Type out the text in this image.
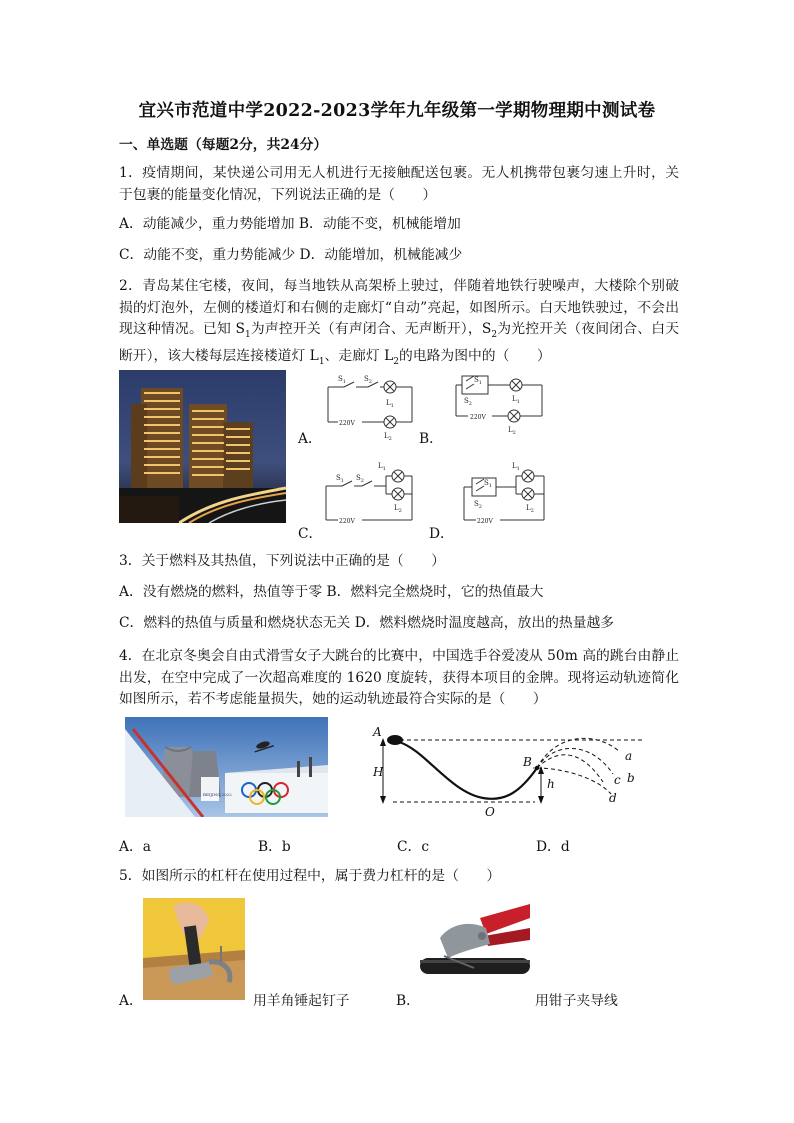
宜兴市范道中学2022-2023学年九年级第一学期物理期中测试卷
一、单选题（每题2分，共24分）
1．疫情期间，某快递公司用无人机进行无接触配送包裹。无人机携带包裹匀速上升时，关于包裹的能量变化情况，下列说法正确的是（　　）
A．动能减少，重力势能增加 B．动能不变，机械能增加
C．动能不变，重力势能减少 D．动能增加，机械能减少
2．青岛某住宅楼，夜间，每当地铁从高架桥上驶过，伴随着地铁行驶噪声，大楼除个别破损的灯泡外，左侧的楼道灯和右侧的走廊灯“自动”亮起，如图所示。白天地铁驶过，不会出现这种情况。已知 $S_1$为声控开关（有声闭合、无声断开），$S_2$为光控开关（夜间闭合、白天断开），该大楼每层连接楼道灯 $L_1$、走廊灯 $L_2$的电路为图中的（　　）
A．	B．
C．	D．
$S_1$	$S_2$
$L_1$
220V
$L_2$
$S_1$
$S_2$
$L_1$
220V
$L_2$
$S_1$ $S_2$
$L_1$
$L_2$
220V
$S_1$
$S_2$
$L_1$
$L_2$
220V
3．关于燃料及其热值，下列说法中正确的是（　　）
A．没有燃烧的燃料，热值等于零 B．燃料完全燃烧时，它的热值最大
C．燃料的热值与质量和燃烧状态无关 D．燃料燃烧时温度越高，放出的热量越多
4．在北京冬奥会自由式滑雪女子大跳台的比赛中，中国选手谷爱凌从 50m 高的跳台由静止出发，在空中完成了一次超高难度的 1620 度旋转，获得本项目的金牌。现将运动轨迹简化如图所示，若不考虑能量损失，她的运动轨迹最符合实际的是（　　）
BEIJING 2022
A
H
O
B
h
a
b
c
d
A．a	B．b	C．c	D．d
5．如图所示的杠杆在使用过程中，属于费力杠杆的是（　　）
A．	用羊角锤起钉子	B．	用钳子夹导线
